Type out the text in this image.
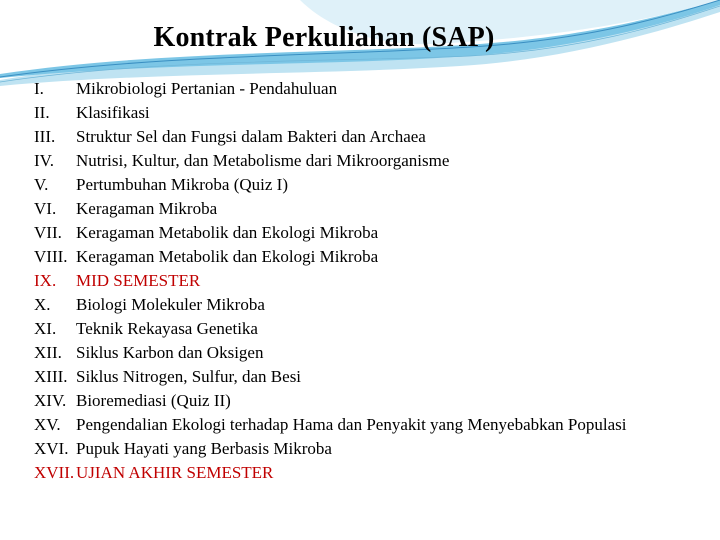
Kontrak Perkuliahan (SAP)
I.	Mikrobiologi Pertanian - Pendahuluan
II.	Klasifikasi
III.	Struktur Sel dan Fungsi dalam Bakteri dan Archaea
IV.	Nutrisi, Kultur, dan Metabolisme dari Mikroorganisme
V.	Pertumbuhan Mikroba (Quiz I)
VI.	Keragaman Mikroba
VII. Keragaman Metabolik dan Ekologi Mikroba
VIII. Keragaman Metabolik dan Ekologi Mikroba
IX.	MID SEMESTER
X.	Biologi Molekuler Mikroba
XI.	Teknik Rekayasa Genetika
XII. Siklus Karbon dan Oksigen
XIII. Siklus Nitrogen, Sulfur, dan Besi
XIV. Bioremediasi (Quiz II)
XV. Pengendalian Ekologi terhadap Hama dan Penyakit yang Menyebabkan Populasi
XVI. Pupuk Hayati yang Berbasis Mikroba
XVII. UJIAN AKHIR SEMESTER
